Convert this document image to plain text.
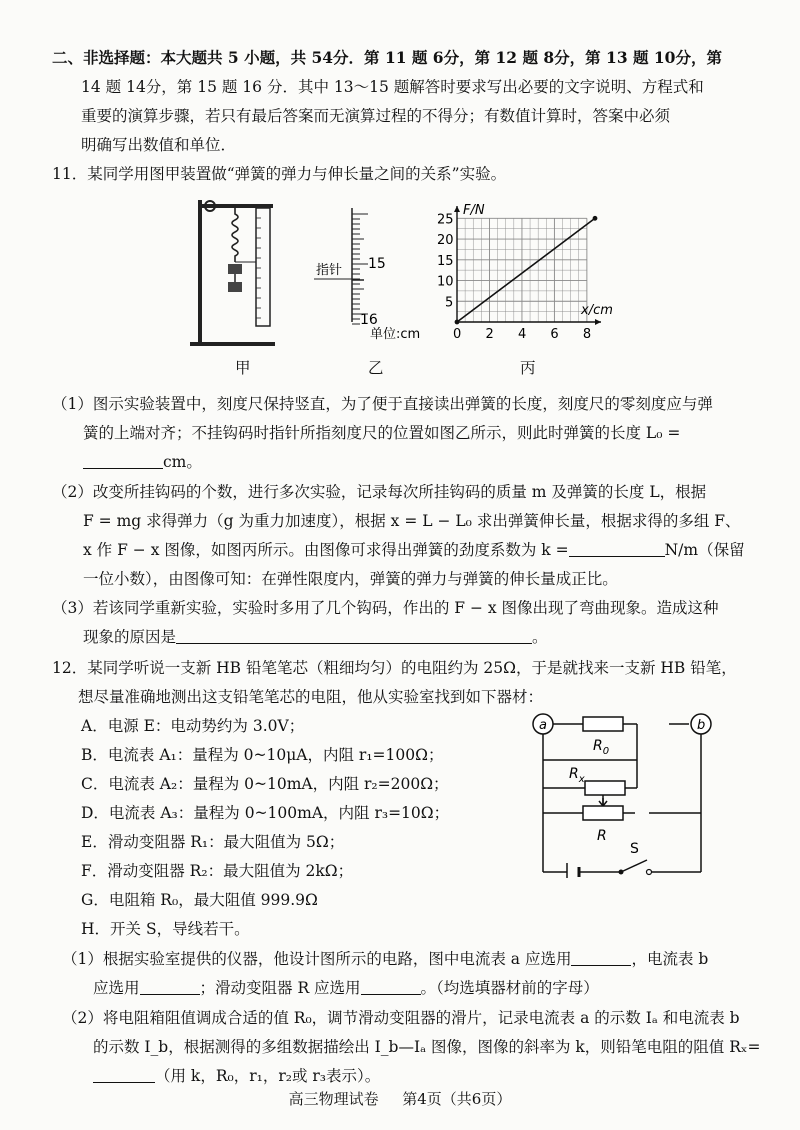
二、非选择题：本大题共 5 小题，共 54分．第 11 题 6分，第 12 题 8分，第 13 题 10分，第
14 题 14分，第 15 题 16 分．其中 13～15 题解答时要求写出必要的文字说明、方程式和
重要的演算步骤，若只有最后答案而无演算过程的不得分；有数值计算时，答案中必须
明确写出数值和单位．
11．某同学用图甲装置做“弹簧的弹力与伸长量之间的关系”实验。
甲
指针 15
16
单位:cm
乙
0 2 4 6 8
5
10
15
20
25
x/cm
F/N
丙
（1）图示实验装置中，刻度尺保持竖直，为了便于直接读出弹簧的长度，刻度尺的零刻度应与弹
簧的上端对齐；不挂钩码时指针所指刻度尺的位置如图乙所示，则此时弹簧的长度 L₀ =
cm。
（2）改变所挂钩码的个数，进行多次实验，记录每次所挂钩码的质量 m 及弹簧的长度 L，根据
F = mg 求得弹力（g 为重力加速度），根据 x = L − L₀ 求出弹簧伸长量，根据求得的多组 F、
x 作 F − x 图像，如图丙所示。由图像可求得出弹簧的劲度系数为 k =	N/m（保留
一位小数），由图像可知：在弹性限度内，弹簧的弹力与弹簧的伸长量成正比。
（3）若该同学重新实验，实验时多用了几个钩码，作出的 F − x 图像出现了弯曲现象。造成这种
现象的原因是	。
12．某同学听说一支新 HB 铅笔笔芯（粗细均匀）的电阻约为 25Ω，于是就找来一支新 HB 铅笔，
想尽量准确地测出这支铅笔笔芯的电阻，他从实验室找到如下器材：
A．电源 E：电动势约为 3.0V；
B．电流表 A₁：量程为 0~10μA，内阻 r₁=100Ω；
C．电流表 A₂：量程为 0~10mA，内阻 r₂=200Ω；
D．电流表 A₃：量程为 0~100mA，内阻 r₃=10Ω；
E．滑动变阻器 R₁：最大阻值为 5Ω；
F．滑动变阻器 R₂：最大阻值为 2kΩ；
G．电阻箱 R₀，最大阻值 999.9Ω
H．开关 S，导线若干。
a	b
$R_0$
$R_x$
R
S
（1）根据实验室提供的仪器，他设计图所示的电路，图中电流表 a 应选用	，电流表 b
应选用	；滑动变阻器 R 应选用	。（均选填器材前的字母）
（2）将电阻箱阻值调成合适的值 R₀，调节滑动变阻器的滑片，记录电流表 a 的示数 Iₐ 和电流表 b
的示数 I_b，根据测得的多组数据描绘出 I_b—Iₐ 图像，图像的斜率为 k，则铅笔电阻的阻值 Rₓ=
（用 k，R₀，r₁，r₂或 r₃表示）。
高三物理试卷 第4页（共6页）
